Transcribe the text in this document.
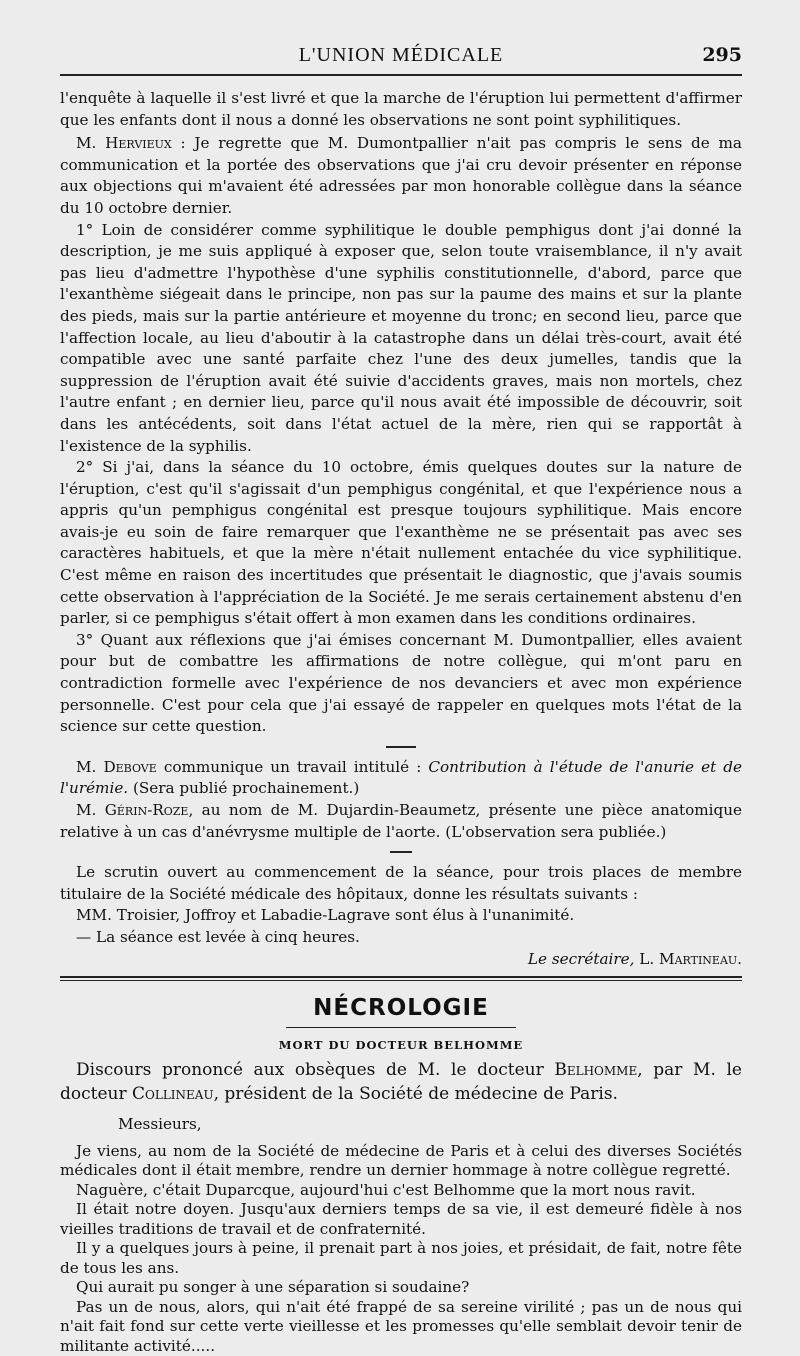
L'UNION MÉDICALE	295

l'enquête à laquelle il s'est livré et que la marche de l'éruption lui permettent d'affirmer que les enfants dont il nous a donné les observations ne sont point syphilitiques.

M. Hervieux : Je regrette que M. Dumontpallier n'ait pas compris le sens de ma communication et la portée des observations que j'ai cru devoir présenter en réponse aux objections qui m'avaient été adressées par mon honorable collègue dans la séance du 10 octobre dernier.

1° Loin de considérer comme syphilitique le double pemphigus dont j'ai donné la description, je me suis appliqué à exposer que, selon toute vraisemblance, il n'y avait pas lieu d'admettre l'hypothèse d'une syphilis constitutionnelle, d'abord, parce que l'exanthème siégeait dans le principe, non pas sur la paume des mains et sur la plante des pieds, mais sur la partie antérieure et moyenne du tronc; en second lieu, parce que l'affection locale, au lieu d'aboutir à la catastrophe dans un délai très-court, avait été compatible avec une santé parfaite chez l'une des deux jumelles, tandis que la suppression de l'éruption avait été suivie d'accidents graves, mais non mortels, chez l'autre enfant ; en dernier lieu, parce qu'il nous avait été impossible de découvrir, soit dans les antécédents, soit dans l'état actuel de la mère, rien qui se rapportât à l'existence de la syphilis.

2° Si j'ai, dans la séance du 10 octobre, émis quelques doutes sur la nature de l'éruption, c'est qu'il s'agissait d'un pemphigus congénital, et que l'expérience nous a appris qu'un pemphigus congénital est presque toujours syphilitique. Mais encore avais-je eu soin de faire remarquer que l'exanthème ne se présentait pas avec ses caractères habituels, et que la mère n'était nullement entachée du vice syphilitique. C'est même en raison des incertitudes que présentait le diagnostic, que j'avais soumis cette observation à l'appréciation de la Société. Je me serais certainement abstenu d'en parler, si ce pemphigus s'était offert à mon examen dans les conditions ordinaires.

3° Quant aux réflexions que j'ai émises concernant M. Dumontpallier, elles avaient pour but de combattre les affirmations de notre collègue, qui m'ont paru en contradiction formelle avec l'expérience de nos devanciers et avec mon expérience personnelle. C'est pour cela que j'ai essayé de rappeler en quelques mots l'état de la science sur cette question.

M. Debove communique un travail intitulé : Contribution à l'étude de l'anurie et de l'urémie. (Sera publié prochainement.)

M. Gérin-Roze, au nom de M. Dujardin-Beaumetz, présente une pièce anatomique relative à un cas d'anévrysme multiple de l'aorte. (L'observation sera publiée.)

Le scrutin ouvert au commencement de la séance, pour trois places de membre titulaire de la Société médicale des hôpitaux, donne les résultats suivants :

MM. Troisier, Joffroy et Labadie-Lagrave sont élus à l'unanimité.

— La séance est levée à cinq heures.

Le secrétaire, L. Martineau.
NÉCROLOGIE
MORT DU DOCTEUR BELHOMME

Discours prononcé aux obsèques de M. le docteur Belhomme, par M. le docteur Collineau, président de la Société de médecine de Paris.

Messieurs,

Je viens, au nom de la Société de médecine de Paris et à celui des diverses Sociétés médicales dont il était membre, rendre un dernier hommage à notre collègue regretté.

Naguère, c'était Duparcque, aujourd'hui c'est Belhomme que la mort nous ravit.

Il était notre doyen. Jusqu'aux derniers temps de sa vie, il est demeuré fidèle à nos vieilles traditions de travail et de confraternité.

Il y a quelques jours à peine, il prenait part à nos joies, et présidait, de fait, notre fête de tous les ans.

Qui aurait pu songer à une séparation si soudaine?

Pas un de nous, alors, qui n'ait été frappé de sa sereine virilité ; pas un de nous qui n'ait fait fond sur cette verte vieillesse et les promesses qu'elle semblait devoir tenir de militante activité.....
